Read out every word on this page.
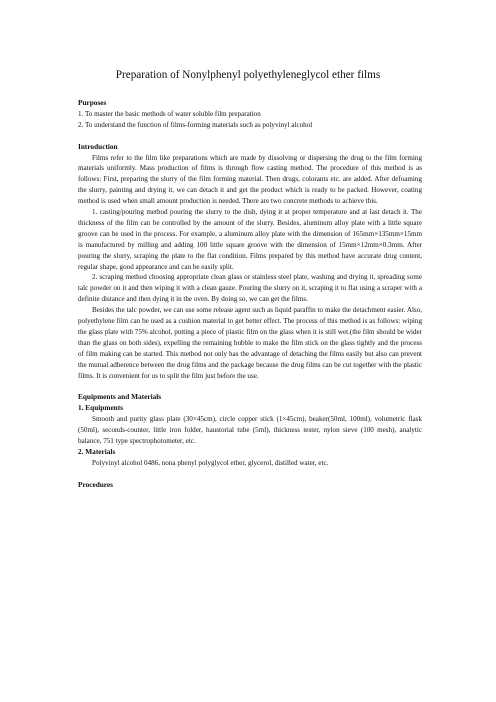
Preparation of Nonylphenyl polyethyleneglycol ether films
Purposes

1. To master the basic methods of water soluble film preparation

2. To understand the function of films-forming materials such as polyvinyl alcohol

Introduction

Films refer to the film like preparations which are made by dissolving or dispersing the drug to the film forming materials uniformly. Mass production of films is through flow casting method. The procedure of this method is as follows: First, preparing the slurry of the film forming material. Then drugs, colorants etc. are added. After defoaming the slurry, painting and drying it, we can detach it and get the product which is ready to be packed. However, coating method is used when small amount production is needed. There are two concrete methods to achieve this.

1. casting/pouring method pouring the slurry to the dish, dying it at proper temperature and at last detach it. The thickness of the film can be controlled by the amount of the slurry. Besides, aluminum alloy plate with a little square groove can be used in the process. For example, a aluminum alloy plate with the dimension of 165mm×135mm×15mm is manufactured by milling and adding 100 little square groove with the dimension of 15mm×12mm×0.3mm. After pouring the slurry, scraping the plate to the flat condition. Films prepared by this method have accurate drug content, regular shape, good appearance and can be easily split.

2. scraping method choosing appropriate clean glass or stainless steel plate, washing and drying it, spreading some talc powder on it and then wiping it with a clean gauze. Pouring the slurry on it, scraping it to flat using a scraper with a definite distance and then dying it in the oven. By doing so, we can get the films.

Besides the talc powder, we can use some release agent such as liquid paraffin to make the detachment easier. Also, polyethylene film can be used as a cushion material to get better effect. The process of this method is as follows: wiping the glass plate with 75% alcohol, putting a piece of plastic film on the glass when it is still wet.(the film should be wider than the glass on both sides), expelling the remaining bubble to make the film stick on the glass tightly and the process of film making can be started. This method not only has the advantage of detaching the films easily but also can prevent the mutual adherence between the drug films and the package because the drug films can be cut together with the plastic films. It is convenient for us to split the film just before the use.

Equipments and Materials
1. Equipments

Smooth and purity glass plate (30×45cm), circle copper stick (1×45cm), beaker(50ml, 100ml), volumetric flask (50ml), seconds-counter, little iron folder, haustorial tube (5ml), thickness tester, nylon sieve (100 mesh), analytic balance, 751 type spectrophotometer, etc.

2. Materials

Polyvinyl alcohol 0486, nona phenyl polyglycol ether, glycerol, distilled water, etc.

Procedures
